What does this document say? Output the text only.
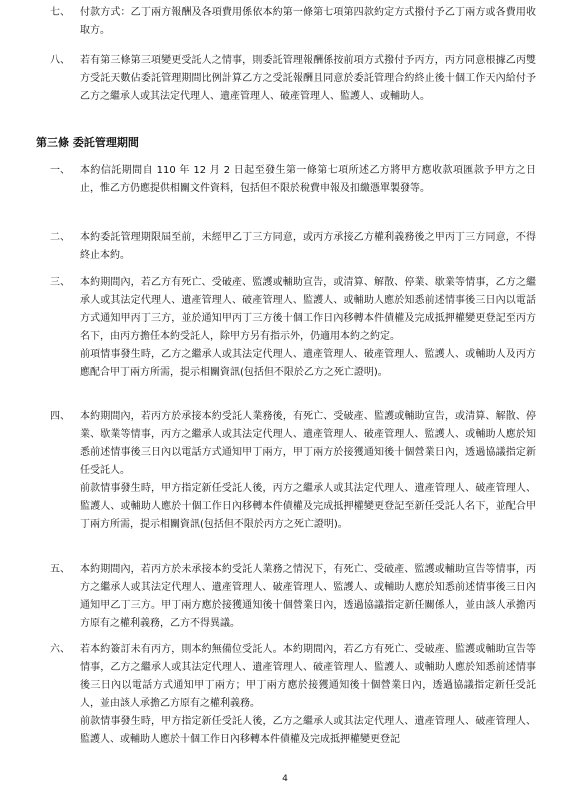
七、 付款方式：乙丁兩方報酬及各項費用係依本約第一條第七項第四款約定方式撥付予乙丁兩方或各費用收取方。
八、 若有第三條第三項變更受託人之情事，則委託管理報酬係按前項方式撥付予丙方，丙方同意根據乙丙雙方受託天數佔委託管理期間比例計算乙方之受託報酬且同意於委託管理合約終止後十個工作天內給付予乙方之繼承人或其法定代理人、遺產管理人、破產管理人、監護人、或輔助人。
第三條 委託管理期間
一、 本約信託期間自 110 年 12 月 2 日起至發生第一條第七項所述乙方將甲方應收款項匯款予甲方之日止，惟乙方仍應提供相關文件資料，包括但不限於稅費申報及扣繳憑單製發等。
二、 本約委託管理期限屆至前，未經甲乙丁三方同意，或丙方承接乙方權利義務後之甲丙丁三方同意，不得終止本約。
三、 本約期間內，若乙方有死亡、受破產、監護或輔助宣告，或清算、解散、停業、歇業等情事，乙方之繼承人或其法定代理人、遺產管理人、破產管理人、監護人、或輔助人應於知悉前述情事後三日內以電話方式通知甲丙丁三方，並於通知甲丙丁三方後十個工作日內移轉本件債權及完成抵押權變更登記至丙方名下，由丙方擔任本約受託人，除甲方另有指示外，仍適用本約之約定。
前項情事發生時，乙方之繼承人或其法定代理人、遺產管理人、破產管理人、監護人、或輔助人及丙方應配合甲丁兩方所需，提示相關資訊(包括但不限於乙方之死亡證明)。
四、 本約期間內，若丙方於承接本約受託人業務後，有死亡、受破產、監護或輔助宣告，或清算、解散、停業、歇業等情事，丙方之繼承人或其法定代理人、遺產管理人、破產管理人、監護人、或輔助人應於知悉前述情事後三日內以電話方式通知甲丁兩方，甲丁兩方於接獲通知後十個營業日內，透過協議指定新任受託人。
前款情事發生時，甲方指定新任受託人後，丙方之繼承人或其法定代理人、遺產管理人、破產管理人、監護人、或輔助人應於十個工作日內移轉本件債權及完成抵押權變更登記至新任受託人名下，並配合甲丁兩方所需，提示相關資訊(包括但不限於丙方之死亡證明)。
五、 本約期間內，若丙方於未承接本約受託人業務之情況下，有死亡、受破產、監護或輔助宣告等情事，丙方之繼承人或其法定代理人、遺產管理人、破產管理人、監護人、或輔助人應於知悉前述情事後三日內通知甲乙丁三方。甲丁兩方應於接獲通知後十個營業日內，透過協議指定新任關係人，並由該人承擔丙方原有之權利義務，乙方不得異議。
六、 若本約簽訂未有丙方，則本約無備位受託人。本約期間內，若乙方有死亡、受破產、監護或輔助宣告等情事，乙方之繼承人或其法定代理人、遺產管理人、破產管理人、監護人、或輔助人應於知悉前述情事後三日內以電話方式通知甲丁兩方；甲丁兩方應於接獲通知後十個營業日內，透過協議指定新任受託人，並由該人承擔乙方原有之權利義務。
前款情事發生時，甲方指定新任受託人後，乙方之繼承人或其法定代理人、遺產管理人、破產管理人、監護人、或輔助人應於十個工作日內移轉本件債權及完成抵押權變更登記
4
